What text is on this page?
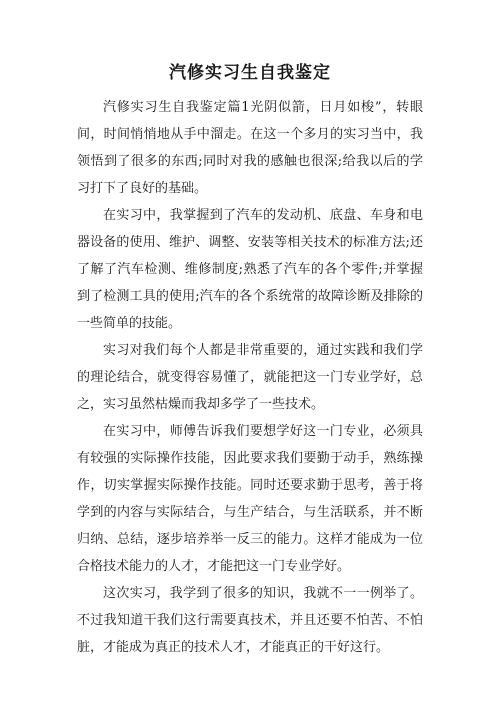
汽修实习生自我鉴定

汽修实习生自我鉴定篇1光阴似箭，日月如梭”，转眼间，时间悄悄地从手中溜走。在这一个多月的实习当中，我领悟到了很多的东西;同时对我的感触也很深;给我以后的学习打下了良好的基础。

在实习中，我掌握到了汽车的发动机、底盘、车身和电器设备的使用、维护、调整、安装等相关技术的标准方法;还了解了汽车检测、维修制度;熟悉了汽车的各个零件;并掌握到了检测工具的使用;汽车的各个系统常的故障诊断及排除的一些简单的技能。

实习对我们每个人都是非常重要的，通过实践和我们学的理论结合，就变得容易懂了，就能把这一门专业学好，总之，实习虽然枯燥而我却多学了一些技术。

在实习中，师傅告诉我们要想学好这一门专业，必须具有较强的实际操作技能，因此要求我们要勤于动手，熟练操作，切实掌握实际操作技能。同时还要求勤于思考，善于将学到的内容与实际结合，与生产结合，与生活联系，并不断归纳、总结，逐步培养举一反三的能力。这样才能成为一位合格技术能力的人才，才能把这一门专业学好。

这次实习，我学到了很多的知识，我就不一一例举了。不过我知道干我们这行需要真技术，并且还要不怕苦、不怕脏，才能成为真正的技术人才，才能真正的干好这行。
